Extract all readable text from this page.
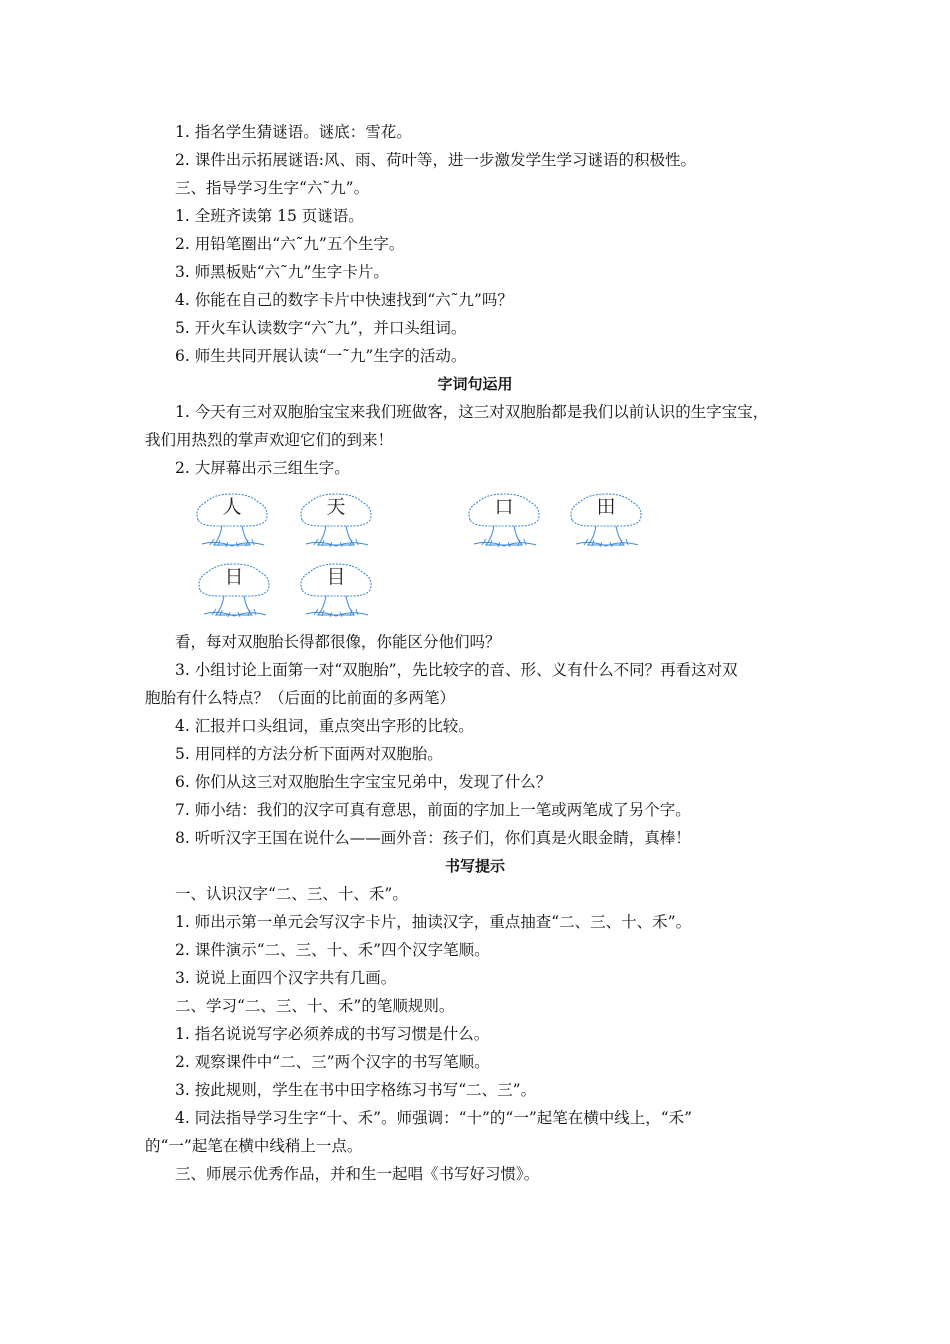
1. 指名学生猜谜语。谜底：雪花。
2. 课件出示拓展谜语:风、雨、荷叶等，进一步激发学生学习谜语的积极性。
三、指导学习生字“六˜九”。
1. 全班齐读第 15 页谜语。
2. 用铅笔圈出“六˜九”五个生字。
3. 师黑板贴“六˜九”生字卡片。
4. 你能在自己的数字卡片中快速找到“六˜九”吗？
5. 开火车认读数字“六˜九”，并口头组词。
6. 师生共同开展认读“一˜九”生字的活动。
字词句运用
1. 今天有三对双胞胎宝宝来我们班做客，这三对双胞胎都是我们以前认识的生字宝宝，
我们用热烈的掌声欢迎它们的到来！
2. 大屏幕出示三组生字。
人	天	口	田
日	目
看，每对双胞胎长得都很像，你能区分他们吗？
3. 小组讨论上面第一对“双胞胎”，先比较字的音、形、义有什么不同？再看这对双
胞胎有什么特点？（后面的比前面的多两笔）
4. 汇报并口头组词，重点突出字形的比较。
5. 用同样的方法分析下面两对双胞胎。
6. 你们从这三对双胞胎生字宝宝兄弟中，发现了什么？
7. 师小结：我们的汉字可真有意思，前面的字加上一笔或两笔成了另个字。
8. 听听汉字王国在说什么——画外音：孩子们，你们真是火眼金睛，真棒！
书写提示
一、认识汉字“二、三、十、禾”。
1. 师出示第一单元会写汉字卡片，抽读汉字，重点抽查“二、三、十、禾”。
2. 课件演示“二、三、十、禾”四个汉字笔顺。
3. 说说上面四个汉字共有几画。
二、学习“二、三、十、禾”的笔顺规则。
1. 指名说说写字必须养成的书写习惯是什么。
2. 观察课件中“二、三”两个汉字的书写笔顺。
3. 按此规则，学生在书中田字格练习书写“二、三”。
4. 同法指导学习生字“十、禾”。师强调：“十”的“一”起笔在横中线上，“禾”
的“一”起笔在横中线稍上一点。
三、师展示优秀作品，并和生一起唱《书写好习惯》。
